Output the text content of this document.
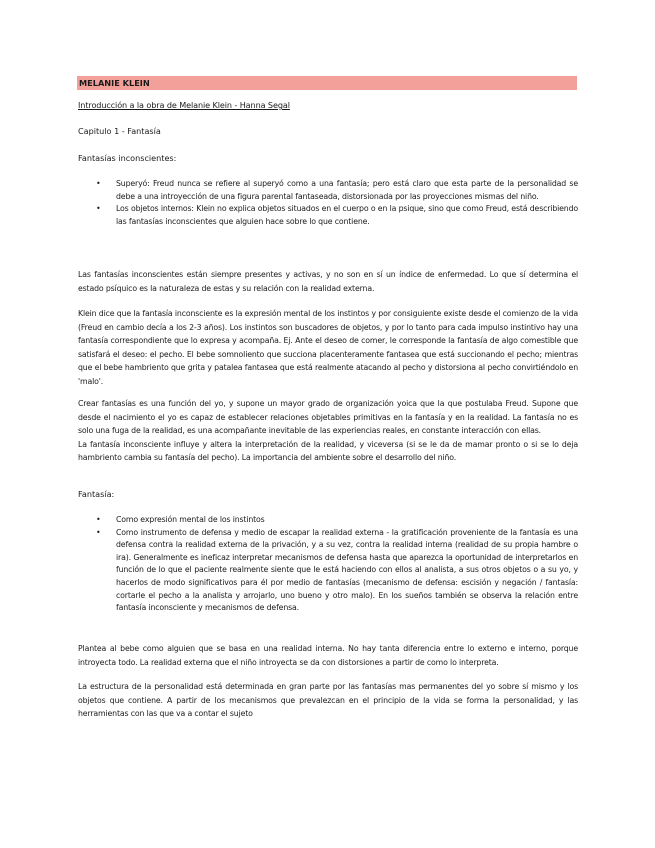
MELANIE KLEIN
Introducción a la obra de Melanie Klein - Hanna Segal
Capitulo 1 - Fantasía
Fantasías inconscientes:
• Superyó: Freud nunca se refiere al superyó como a una fantasía; pero está claro que esta parte de la personalidad se debe a una introyección de una figura parental fantaseada, distorsionada por las proyecciones mismas del niño.
• Los objetos internos: Klein no explica objetos situados en el cuerpo o en la psique, sino que como Freud, está describiendo las fantasías inconscientes que alguien hace sobre lo que contiene.

Las fantasías inconscientes están siempre presentes y activas, y no son en sí un índice de enfermedad. Lo que sí determina el estado psíquico es la naturaleza de estas y su relación con la realidad externa.

Klein dice que la fantasía inconsciente es la expresión mental de los instintos y por consiguiente existe desde el comienzo de la vida (Freud en cambio decía a los 2-3 años). Los instintos son buscadores de objetos, y por lo tanto para cada impulso instintivo hay una fantasía correspondiente que lo expresa y acompaña. Ej. Ante el deseo de comer, le corresponde la fantasía de algo comestible que satisfará el deseo: el pecho. El bebe somnoliento que succiona placenteramente fantasea que está succionando el pecho; mientras que el bebe hambriento que grita y patalea fantasea que está realmente atacando al pecho y distorsiona al pecho convirtiéndolo en 'malo'.

Crear fantasías es una función del yo, y supone un mayor grado de organización yoica que la que postulaba Freud. Supone que desde el nacimiento el yo es capaz de establecer relaciones objetables primitivas en la fantasía y en la realidad. La fantasía no es solo una fuga de la realidad, es una acompañante inevitable de las experiencias reales, en constante interacción con ellas.
La fantasía inconsciente influye y altera la interpretación de la realidad, y viceversa (si se le da de mamar pronto o si se lo deja hambriento cambia su fantasía del pecho). La importancia del ambiente sobre el desarrollo del niño.

Fantasía:
• Como expresión mental de los instintos
• Como instrumento de defensa y medio de escapar la realidad externa - la gratificación proveniente de la fantasía es una defensa contra la realidad externa de la privación, y a su vez, contra la realidad interna (realidad de su propia hambre o ira). Generalmente es ineficaz interpretar mecanismos de defensa hasta que aparezca la oportunidad de interpretarlos en función de lo que el paciente realmente siente que le está haciendo con ellos al analista, a sus otros objetos o a su yo, y hacerlos de modo significativos para él por medio de fantasías (mecanismo de defensa: escisión y negación / fantasía: cortarle el pecho a la analista y arrojarlo, uno bueno y otro malo). En los sueños también se observa la relación entre fantasía inconsciente y mecanismos de defensa.

Plantea al bebe como alguien que se basa en una realidad interna. No hay tanta diferencia entre lo externo e interno, porque introyecta todo. La realidad externa que el niño introyecta se da con distorsiones a partir de como lo interpreta.

La estructura de la personalidad está determinada en gran parte por las fantasías mas permanentes del yo sobre sí mismo y los objetos que contiene. A partir de los mecanismos que prevalezcan en el principio de la vida se forma la personalidad, y las herramientas con las que va a contar el sujeto
